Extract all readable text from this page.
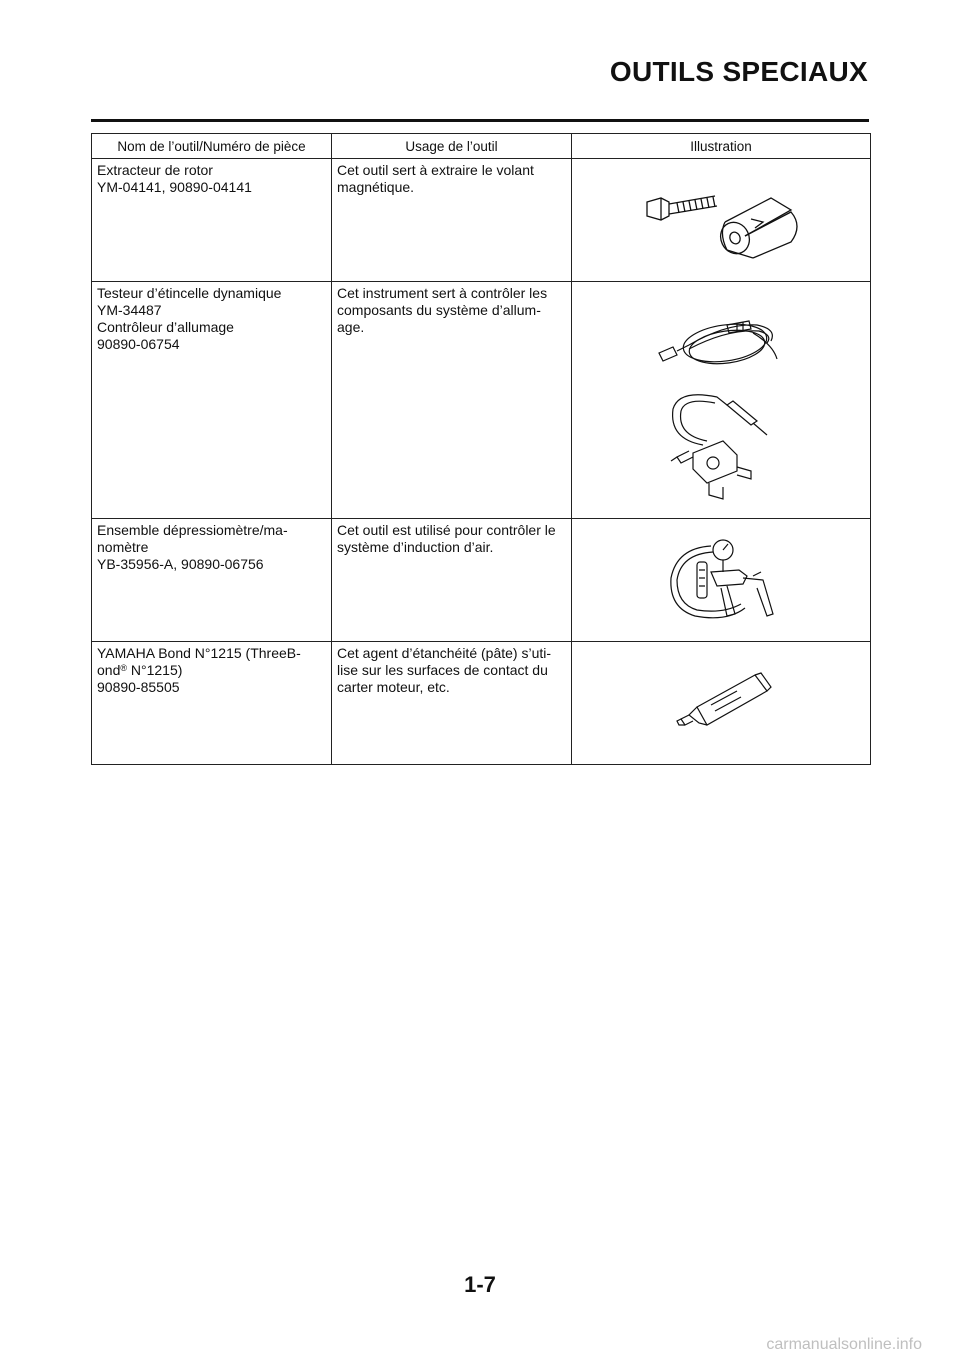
OUTILS SPECIAUX
Nom de l’outil/Numéro de pièce	Usage de l’outil	Illustration

Extracteur de rotor
YM-04141, 90890-04141	Cet outil sert à extraire le volant
magnétique.

Testeur d’étincelle dynamique
YM-34487
Contrôleur d’allumage
90890-06754	Cet instrument sert à contrôler les
composants du système d’allum-
age.

Ensemble dépressiomètre/ma-
nomètre
YB-35956-A, 90890-06756	Cet outil est utilisé pour contrôler le
système d’induction d’air.

YAMAHA Bond N°1215 (ThreeB-
ond® N°1215)
90890-85505	Cet agent d’étanchéité (pâte) s’uti-
lise sur les surfaces de contact du
carter moteur, etc.

1-7
carmanualsonline.info
